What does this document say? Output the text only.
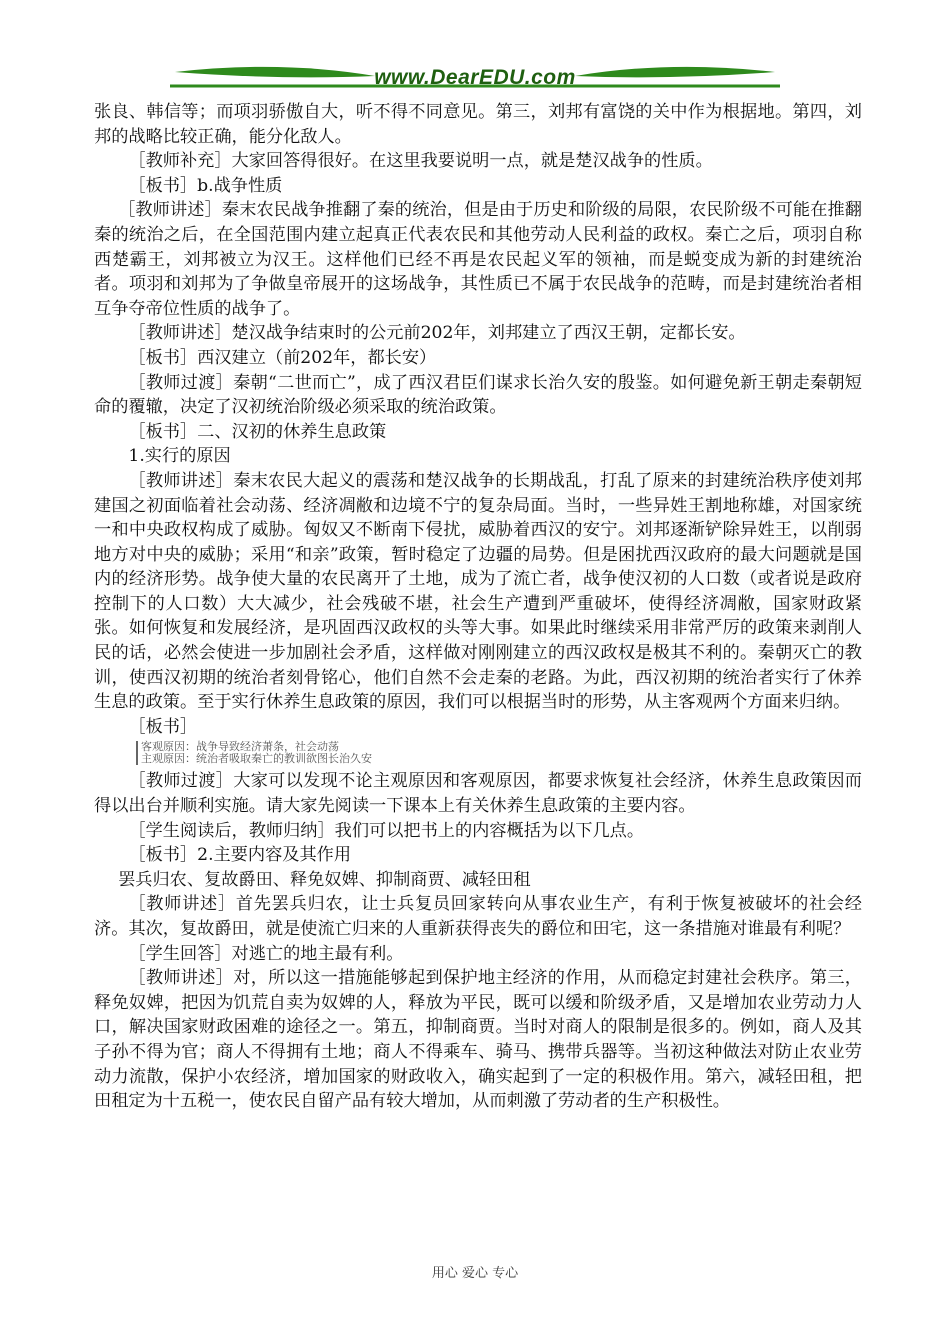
www.DearEDU.com

张良、韩信等；而项羽骄傲自大，听不得不同意见。第三，刘邦有富饶的关中作为根据地。第四，刘邦的战略比较正确，能分化敌人。

［教师补充］大家回答得很好。在这里我要说明一点，就是楚汉战争的性质。

［板书］b.战争性质

［教师讲述］秦末农民战争推翻了秦的统治，但是由于历史和阶级的局限，农民阶级不可能在推翻秦的统治之后，在全国范围内建立起真正代表农民和其他劳动人民利益的政权。秦亡之后，项羽自称西楚霸王，刘邦被立为汉王。这样他们已经不再是农民起义军的领袖，而是蜕变成为新的封建统治者。项羽和刘邦为了争做皇帝展开的这场战争，其性质已不属于农民战争的范畴，而是封建统治者相互争夺帝位性质的战争了。

［教师讲述］楚汉战争结束时的公元前202年，刘邦建立了西汉王朝，定都长安。

［板书］西汉建立（前202年，都长安）

［教师过渡］秦朝“二世而亡”，成了西汉君臣们谋求长治久安的殷鉴。如何避免新王朝走秦朝短命的覆辙，决定了汉初统治阶级必须采取的统治政策。

［板书］二、汉初的休养生息政策

1.实行的原因

［教师讲述］秦末农民大起义的震荡和楚汉战争的长期战乱，打乱了原来的封建统治秩序使刘邦建国之初面临着社会动荡、经济凋敝和边境不宁的复杂局面。当时，一些异姓王割地称雄，对国家统一和中央政权构成了威胁。匈奴又不断南下侵扰，威胁着西汉的安宁。刘邦逐渐铲除异姓王，以削弱地方对中央的威胁；采用“和亲”政策，暂时稳定了边疆的局势。但是困扰西汉政府的最大问题就是国内的经济形势。战争使大量的农民离开了土地，成为了流亡者，战争使汉初的人口数（或者说是政府控制下的人口数）大大减少，社会残破不堪，社会生产遭到严重破坏，使得经济凋敝，国家财政紧张。如何恢复和发展经济，是巩固西汉政权的头等大事。如果此时继续采用非常严厉的政策来剥削人民的话，必然会使进一步加剧社会矛盾，这样做对刚刚建立的西汉政权是极其不利的。秦朝灭亡的教训，使西汉初期的统治者刻骨铭心，他们自然不会走秦的老路。为此，西汉初期的统治者实行了休养生息的政策。至于实行休养生息政策的原因，我们可以根据当时的形势，从主客观两个方面来归纳。

［板书］

客观原因：战争导致经济萧条，社会动荡
主观原因：统治者吸取秦亡的教训欲图长治久安

［教师过渡］大家可以发现不论主观原因和客观原因，都要求恢复社会经济，休养生息政策因而得以出台并顺利实施。请大家先阅读一下课本上有关休养生息政策的主要内容。

［学生阅读后，教师归纳］我们可以把书上的内容概括为以下几点。

［板书］2.主要内容及其作用

罢兵归农、复故爵田、释免奴婢、抑制商贾、减轻田租

［教师讲述］首先罢兵归农，让士兵复员回家转向从事农业生产，有利于恢复被破坏的社会经济。其次，复故爵田，就是使流亡归来的人重新获得丧失的爵位和田宅，这一条措施对谁最有利呢？

［学生回答］对逃亡的地主最有利。

［教师讲述］对，所以这一措施能够起到保护地主经济的作用，从而稳定封建社会秩序。第三，释免奴婢，把因为饥荒自卖为奴婢的人，释放为平民，既可以缓和阶级矛盾，又是增加农业劳动力人口，解决国家财政困难的途径之一。第五，抑制商贾。当时对商人的限制是很多的。例如，商人及其子孙不得为官；商人不得拥有土地；商人不得乘车、骑马、携带兵器等。当初这种做法对防止农业劳动力流散，保护小农经济，增加国家的财政收入，确实起到了一定的积极作用。第六，减轻田租，把田租定为十五税一，使农民自留产品有较大增加，从而刺激了劳动者的生产积极性。

用心 爱心 专心
